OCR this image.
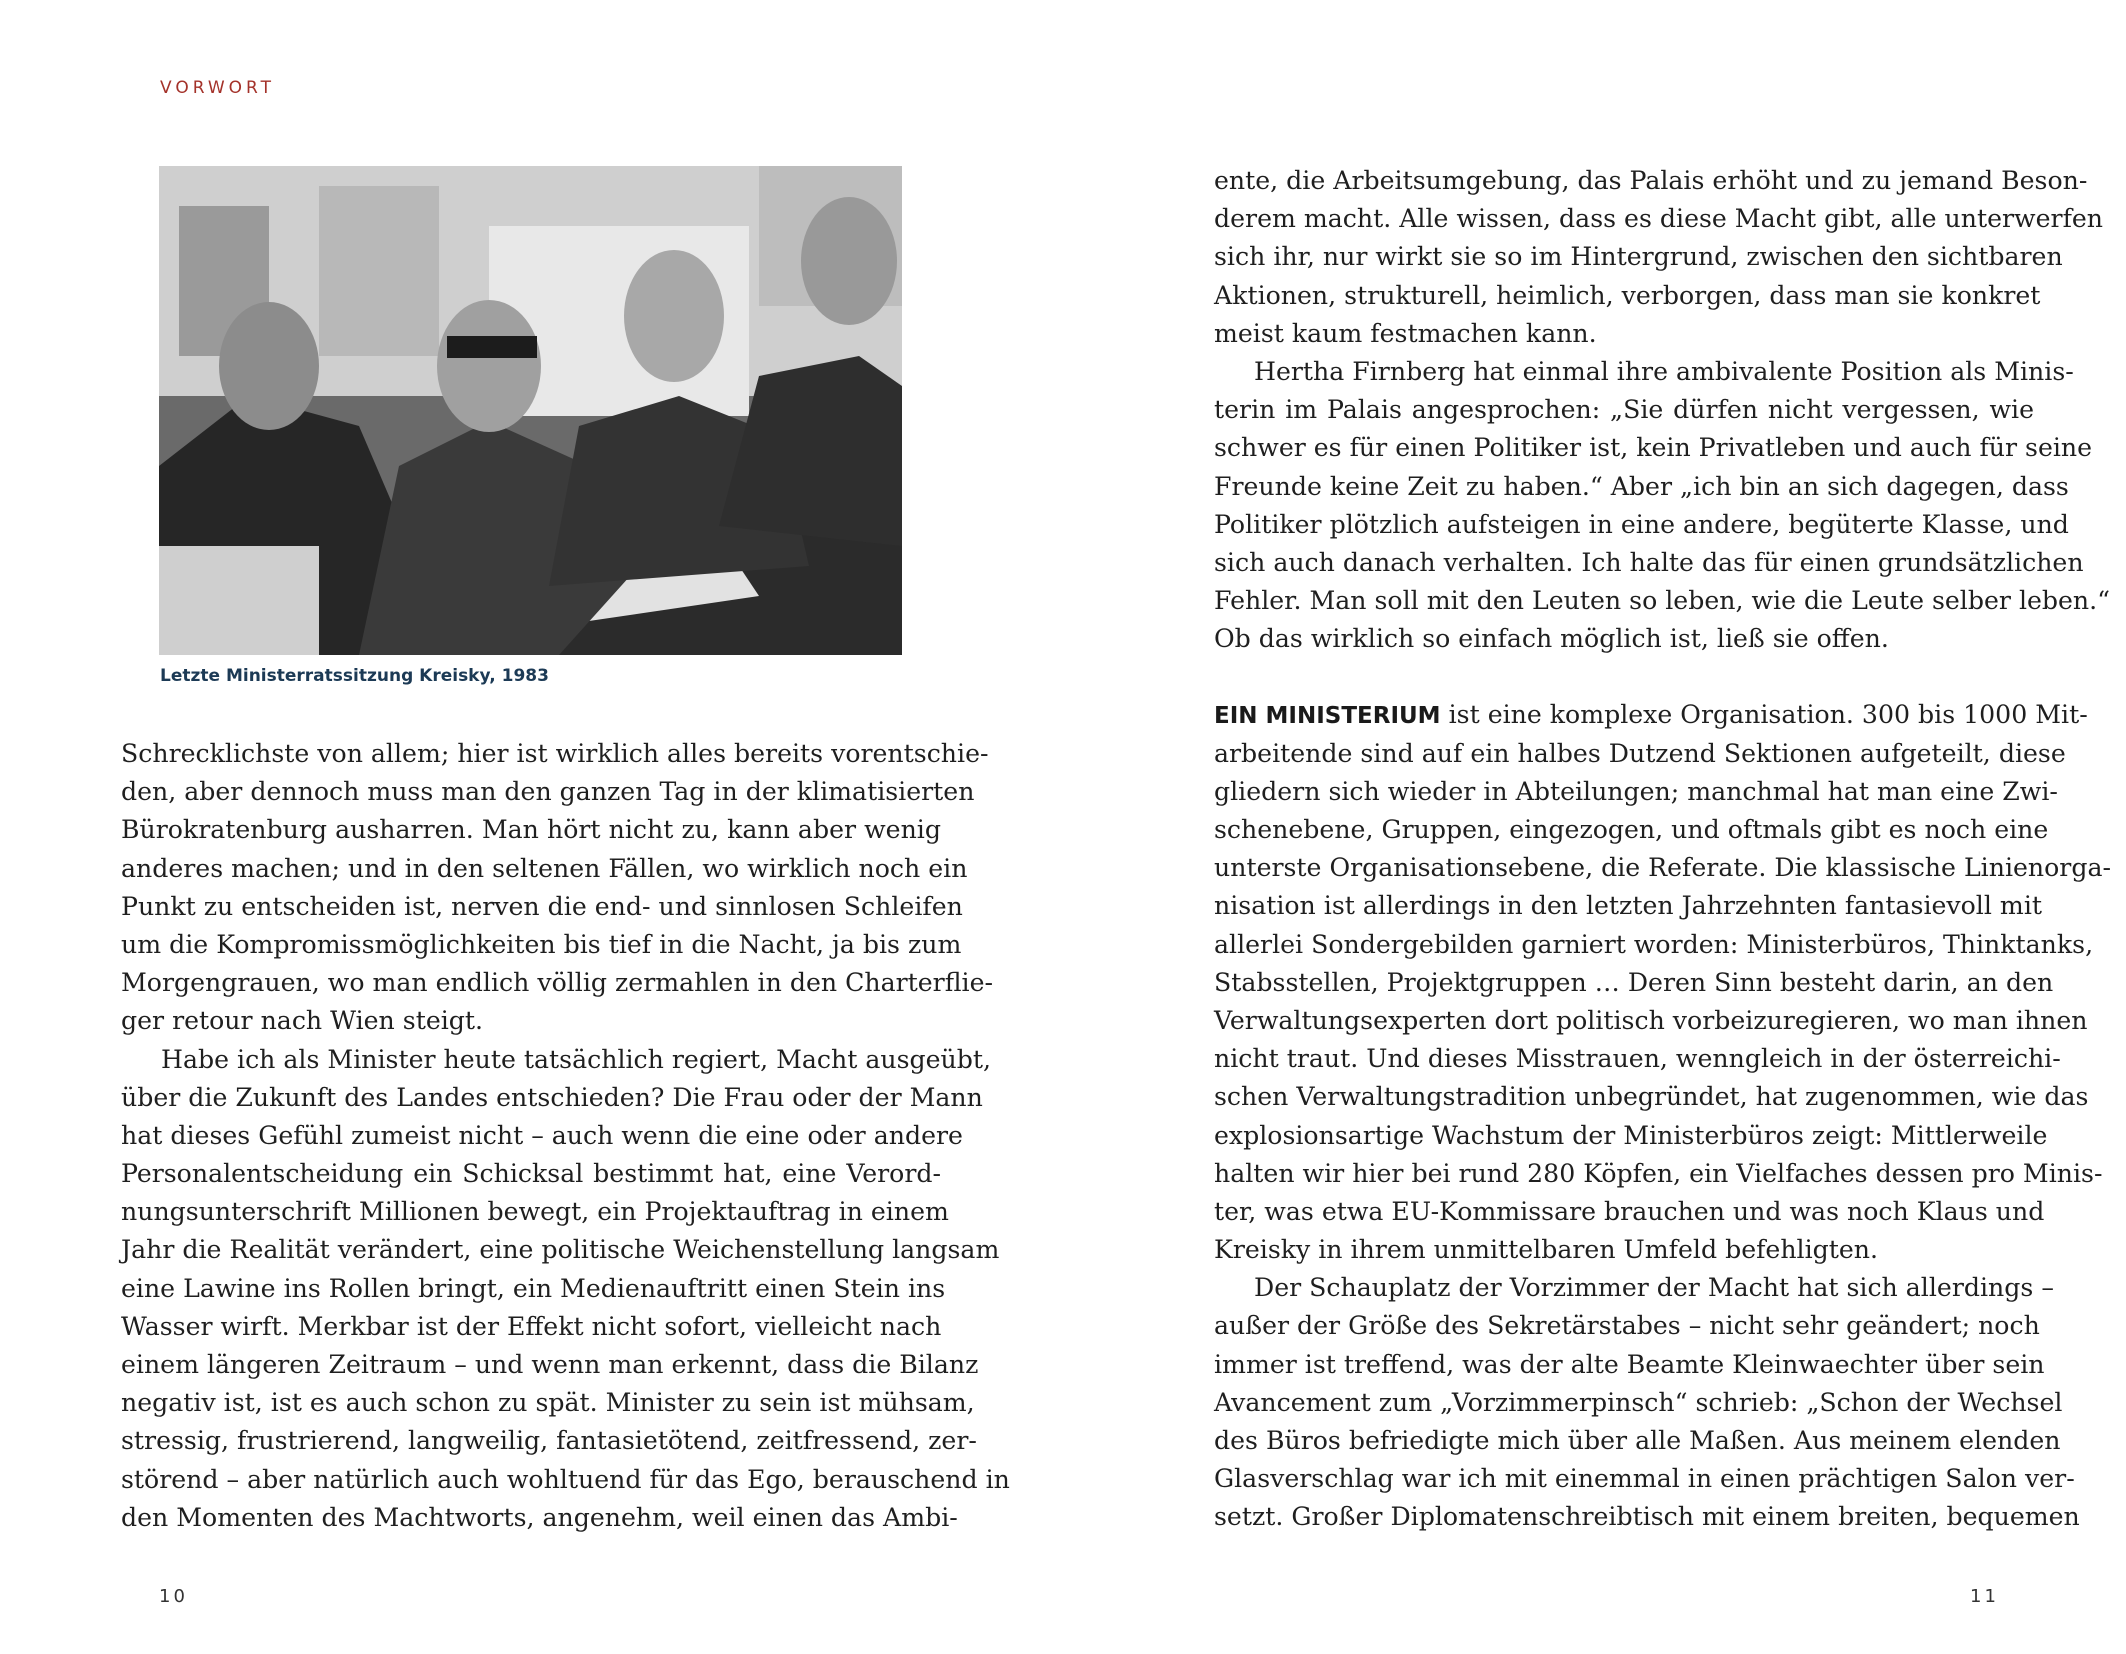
VORWORT
Letzte Ministerratssitzung Kreisky, 1983
Schrecklichste von allem; hier ist wirklich alles bereits vorentschie-
den, aber dennoch muss man den ganzen Tag in der klimatisierten
Bürokratenburg ausharren. Man hört nicht zu, kann aber wenig
anderes machen; und in den seltenen Fällen, wo wirklich noch ein
Punkt zu entscheiden ist, nerven die end- und sinnlosen Schleifen
um die Kompromissmöglichkeiten bis tief in die Nacht, ja bis zum
Morgengrauen, wo man endlich völlig zermahlen in den Charterflie-
ger retour nach Wien steigt.
Habe ich als Minister heute tatsächlich regiert, Macht ausgeübt,
über die Zukunft des Landes entschieden? Die Frau oder der Mann
hat dieses Gefühl zumeist nicht – auch wenn die eine oder andere
Personalentscheidung ein Schicksal bestimmt hat, eine Verord-
nungsunterschrift Millionen bewegt, ein Projektauftrag in einem
Jahr die Realität verändert, eine politische Weichenstellung langsam
eine Lawine ins Rollen bringt, ein Medienauftritt einen Stein ins
Wasser wirft. Merkbar ist der Effekt nicht sofort, vielleicht nach
einem längeren Zeitraum – und wenn man erkennt, dass die Bilanz
negativ ist, ist es auch schon zu spät. Minister zu sein ist mühsam,
stressig, frustrierend, langweilig, fantasietötend, zeitfressend, zer-
störend – aber natürlich auch wohltuend für das Ego, berauschend in
den Momenten des Machtworts, angenehm, weil einen das Ambi-
10
ente, die Arbeitsumgebung, das Palais erhöht und zu jemand Beson-
derem macht. Alle wissen, dass es diese Macht gibt, alle unterwerfen
sich ihr, nur wirkt sie so im Hintergrund, zwischen den sichtbaren
Aktionen, strukturell, heimlich, verborgen, dass man sie konkret
meist kaum festmachen kann.
Hertha Firnberg hat einmal ihre ambivalente Position als Minis-
terin im Palais angesprochen: „Sie dürfen nicht vergessen, wie
schwer es für einen Politiker ist, kein Privatleben und auch für seine
Freunde keine Zeit zu haben.“ Aber „ich bin an sich dagegen, dass
Politiker plötzlich aufsteigen in eine andere, begüterte Klasse, und
sich auch danach verhalten. Ich halte das für einen grundsätzlichen
Fehler. Man soll mit den Leuten so leben, wie die Leute selber leben.“
Ob das wirklich so einfach möglich ist, ließ sie offen.
EIN MINISTERIUM ist eine komplexe Organisation. 300 bis 1000 Mit-
arbeitende sind auf ein halbes Dutzend Sektionen aufgeteilt, diese
gliedern sich wieder in Abteilungen; manchmal hat man eine Zwi-
schenebene, Gruppen, eingezogen, und oftmals gibt es noch eine
unterste Organisationsebene, die Referate. Die klassische Linienorga-
nisation ist allerdings in den letzten Jahrzehnten fantasievoll mit
allerlei Sondergebilden garniert worden: Ministerbüros, Thinktanks,
Stabsstellen, Projektgruppen … Deren Sinn besteht darin, an den
Verwaltungsexperten dort politisch vorbeizuregieren, wo man ihnen
nicht traut. Und dieses Misstrauen, wenngleich in der österreichi-
schen Verwaltungstradition unbegründet, hat zugenommen, wie das
explosionsartige Wachstum der Ministerbüros zeigt: Mittlerweile
halten wir hier bei rund 280 Köpfen, ein Vielfaches dessen pro Minis-
ter, was etwa EU-Kommissare brauchen und was noch Klaus und
Kreisky in ihrem unmittelbaren Umfeld befehligten.
Der Schauplatz der Vorzimmer der Macht hat sich allerdings –
außer der Größe des Sekretärstabes – nicht sehr geändert; noch
immer ist treffend, was der alte Beamte Kleinwaechter über sein
Avancement zum „Vorzimmerpinsch“ schrieb: „Schon der Wechsel
des Büros befriedigte mich über alle Maßen. Aus meinem elenden
Glasverschlag war ich mit einemmal in einen prächtigen Salon ver-
setzt. Großer Diplomatenschreibtisch mit einem breiten, bequemen
11
